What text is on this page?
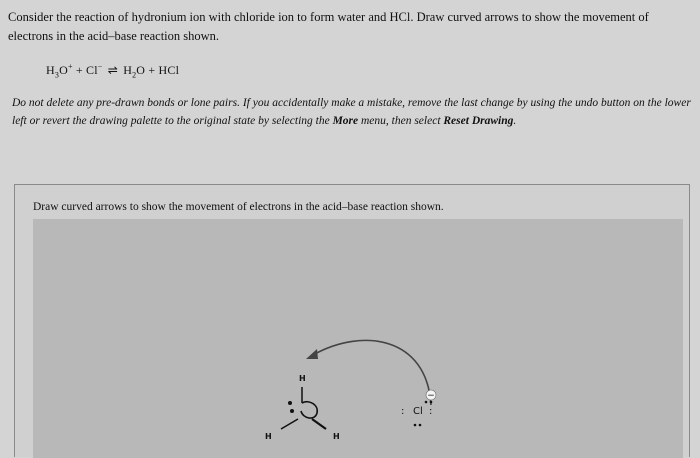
Consider the reaction of hydronium ion with chloride ion to form water and HCl. Draw curved arrows to show the movement of electrons in the acid–base reaction shown.

$H_3O^+ + Cl^-$ ⇌ $H_2O$ + HCl
Do not delete any pre-drawn bonds or lone pairs. If you accidentally make a mistake, remove the last change by using the undo button on the lower left or revert the drawing palette to the original state by selecting the More menu, then select Reset Drawing.
Draw curved arrows to show the movement of electrons in the acid–base reaction shown.
H
H	H
−
: Cl :
